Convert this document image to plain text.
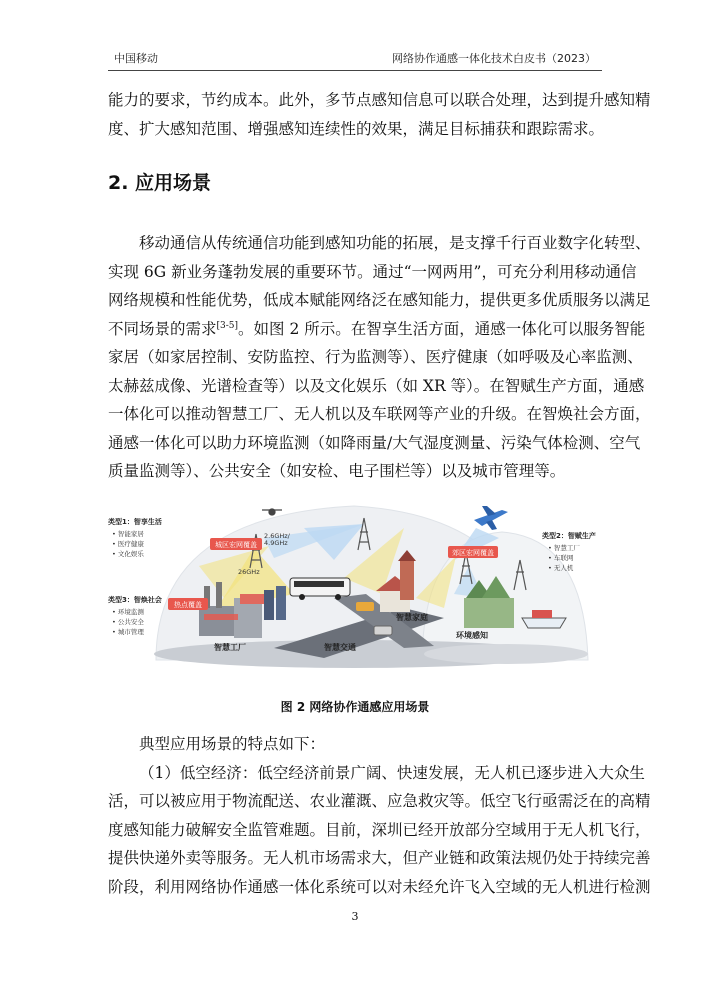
中国移动	网络协作通感一体化技术白皮书（2023）
能力的要求，节约成本。此外，多节点感知信息可以联合处理，达到提升感知精
度、扩大感知范围、增强感知连续性的效果，满足目标捕获和跟踪需求。
2. 应用场景
移动通信从传统通信功能到感知功能的拓展，是支撑千行百业数字化转型、
实现 6G 新业务蓬勃发展的重要环节。通过“一网两用”，可充分利用移动通信
网络规模和性能优势，低成本赋能网络泛在感知能力，提供更多优质服务以满足
不同场景的需求[3-5]。如图 2 所示。在智享生活方面，通感一体化可以服务智能
家居（如家居控制、安防监控、行为监测等）、医疗健康（如呼吸及心率监测、
太赫兹成像、光谱检查等）以及文化娱乐（如 XR 等）。在智赋生产方面，通感
一体化可以推动智慧工厂、无人机以及车联网等产业的升级。在智焕社会方面，
通感一体化可以助力环境监测（如降雨量/大气湿度测量、污染气体检测、空气
质量监测等）、公共安全（如安检、电子围栏等）以及城市管理等。
城区宏网覆盖
热点覆盖
郊区宏网覆盖
2.6GHz/
4.9GHz
26GHz
智慧工厂	智慧交通
智慧家庭
环境感知
类型1：智享生活
• 智能家居
• 医疗健康
• 文化娱乐
类型3：智焕社会
• 环境监测
• 公共安全
• 城市管理
类型2：智赋生产
• 智慧工厂
• 车联网
• 无人机
图 2 网络协作通感应用场景
典型应用场景的特点如下：
（1）低空经济：低空经济前景广阔、快速发展，无人机已逐步进入大众生
活，可以被应用于物流配送、农业灌溉、应急救灾等。低空飞行亟需泛在的高精
度感知能力破解安全监管难题。目前，深圳已经开放部分空域用于无人机飞行，
提供快递外卖等服务。无人机市场需求大，但产业链和政策法规仍处于持续完善
阶段，利用网络协作通感一体化系统可以对未经允许飞入空域的无人机进行检测
3
